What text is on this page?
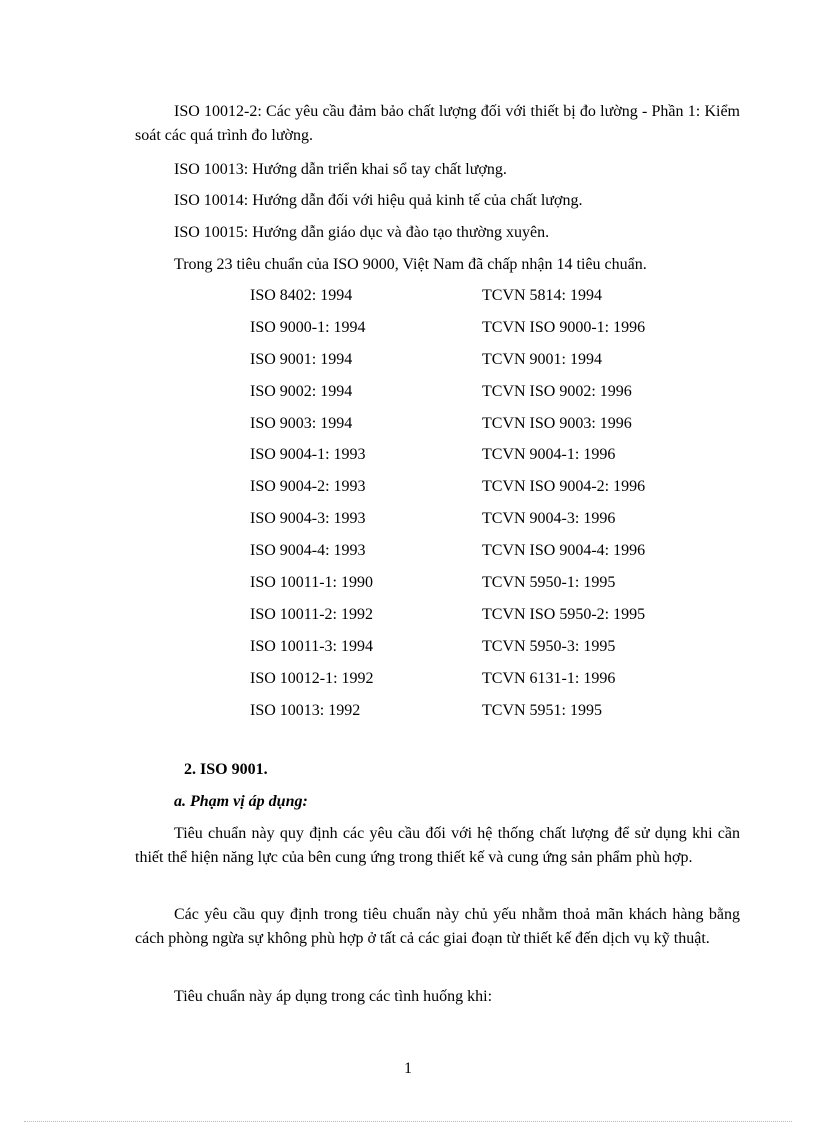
ISO 10012-2: Các yêu cầu đảm bảo chất lượng đối với thiết bị đo lường - Phần 1: Kiểm soát các quá trình đo lường.

ISO 10013: Hướng dẫn triển khai sổ tay chất lượng.

ISO 10014: Hướng dẫn đối với hiệu quả kinh tế của chất lượng.

ISO 10015: Hướng dẫn giáo dục và đào tạo thường xuyên.

Trong 23 tiêu chuẩn của ISO 9000, Việt Nam đã chấp nhận 14 tiêu chuẩn.

ISO 8402: 1994	TCVN 5814: 1994
ISO 9000-1: 1994	TCVN ISO 9000-1: 1996
ISO 9001: 1994	TCVN 9001: 1994
ISO 9002: 1994	TCVN ISO 9002: 1996
ISO 9003: 1994	TCVN ISO 9003: 1996
ISO 9004-1: 1993	TCVN 9004-1: 1996
ISO 9004-2: 1993	TCVN ISO 9004-2: 1996
ISO 9004-3: 1993	TCVN 9004-3: 1996
ISO 9004-4: 1993	TCVN ISO 9004-4: 1996
ISO 10011-1: 1990	TCVN 5950-1: 1995
ISO 10011-2: 1992	TCVN ISO 5950-2: 1995
ISO 10011-3: 1994	TCVN 5950-3: 1995
ISO 10012-1: 1992	TCVN 6131-1: 1996
ISO 10013: 1992	TCVN 5951: 1995

2. ISO 9001.

a. Phạm vị áp dụng:

Tiêu chuẩn này quy định các yêu cầu đối với hệ thống chất lượng để sử dụng khi cần thiết thể hiện năng lực của bên cung ứng trong thiết kế và cung ứng sản phẩm phù hợp.

Các yêu cầu quy định trong tiêu chuẩn này chủ yếu nhằm thoả mãn khách hàng bằng cách phòng ngừa sự không phù hợp ở tất cả các giai đoạn từ thiết kế đến dịch vụ kỹ thuật.

Tiêu chuẩn này áp dụng trong các tình huống khi:

1
